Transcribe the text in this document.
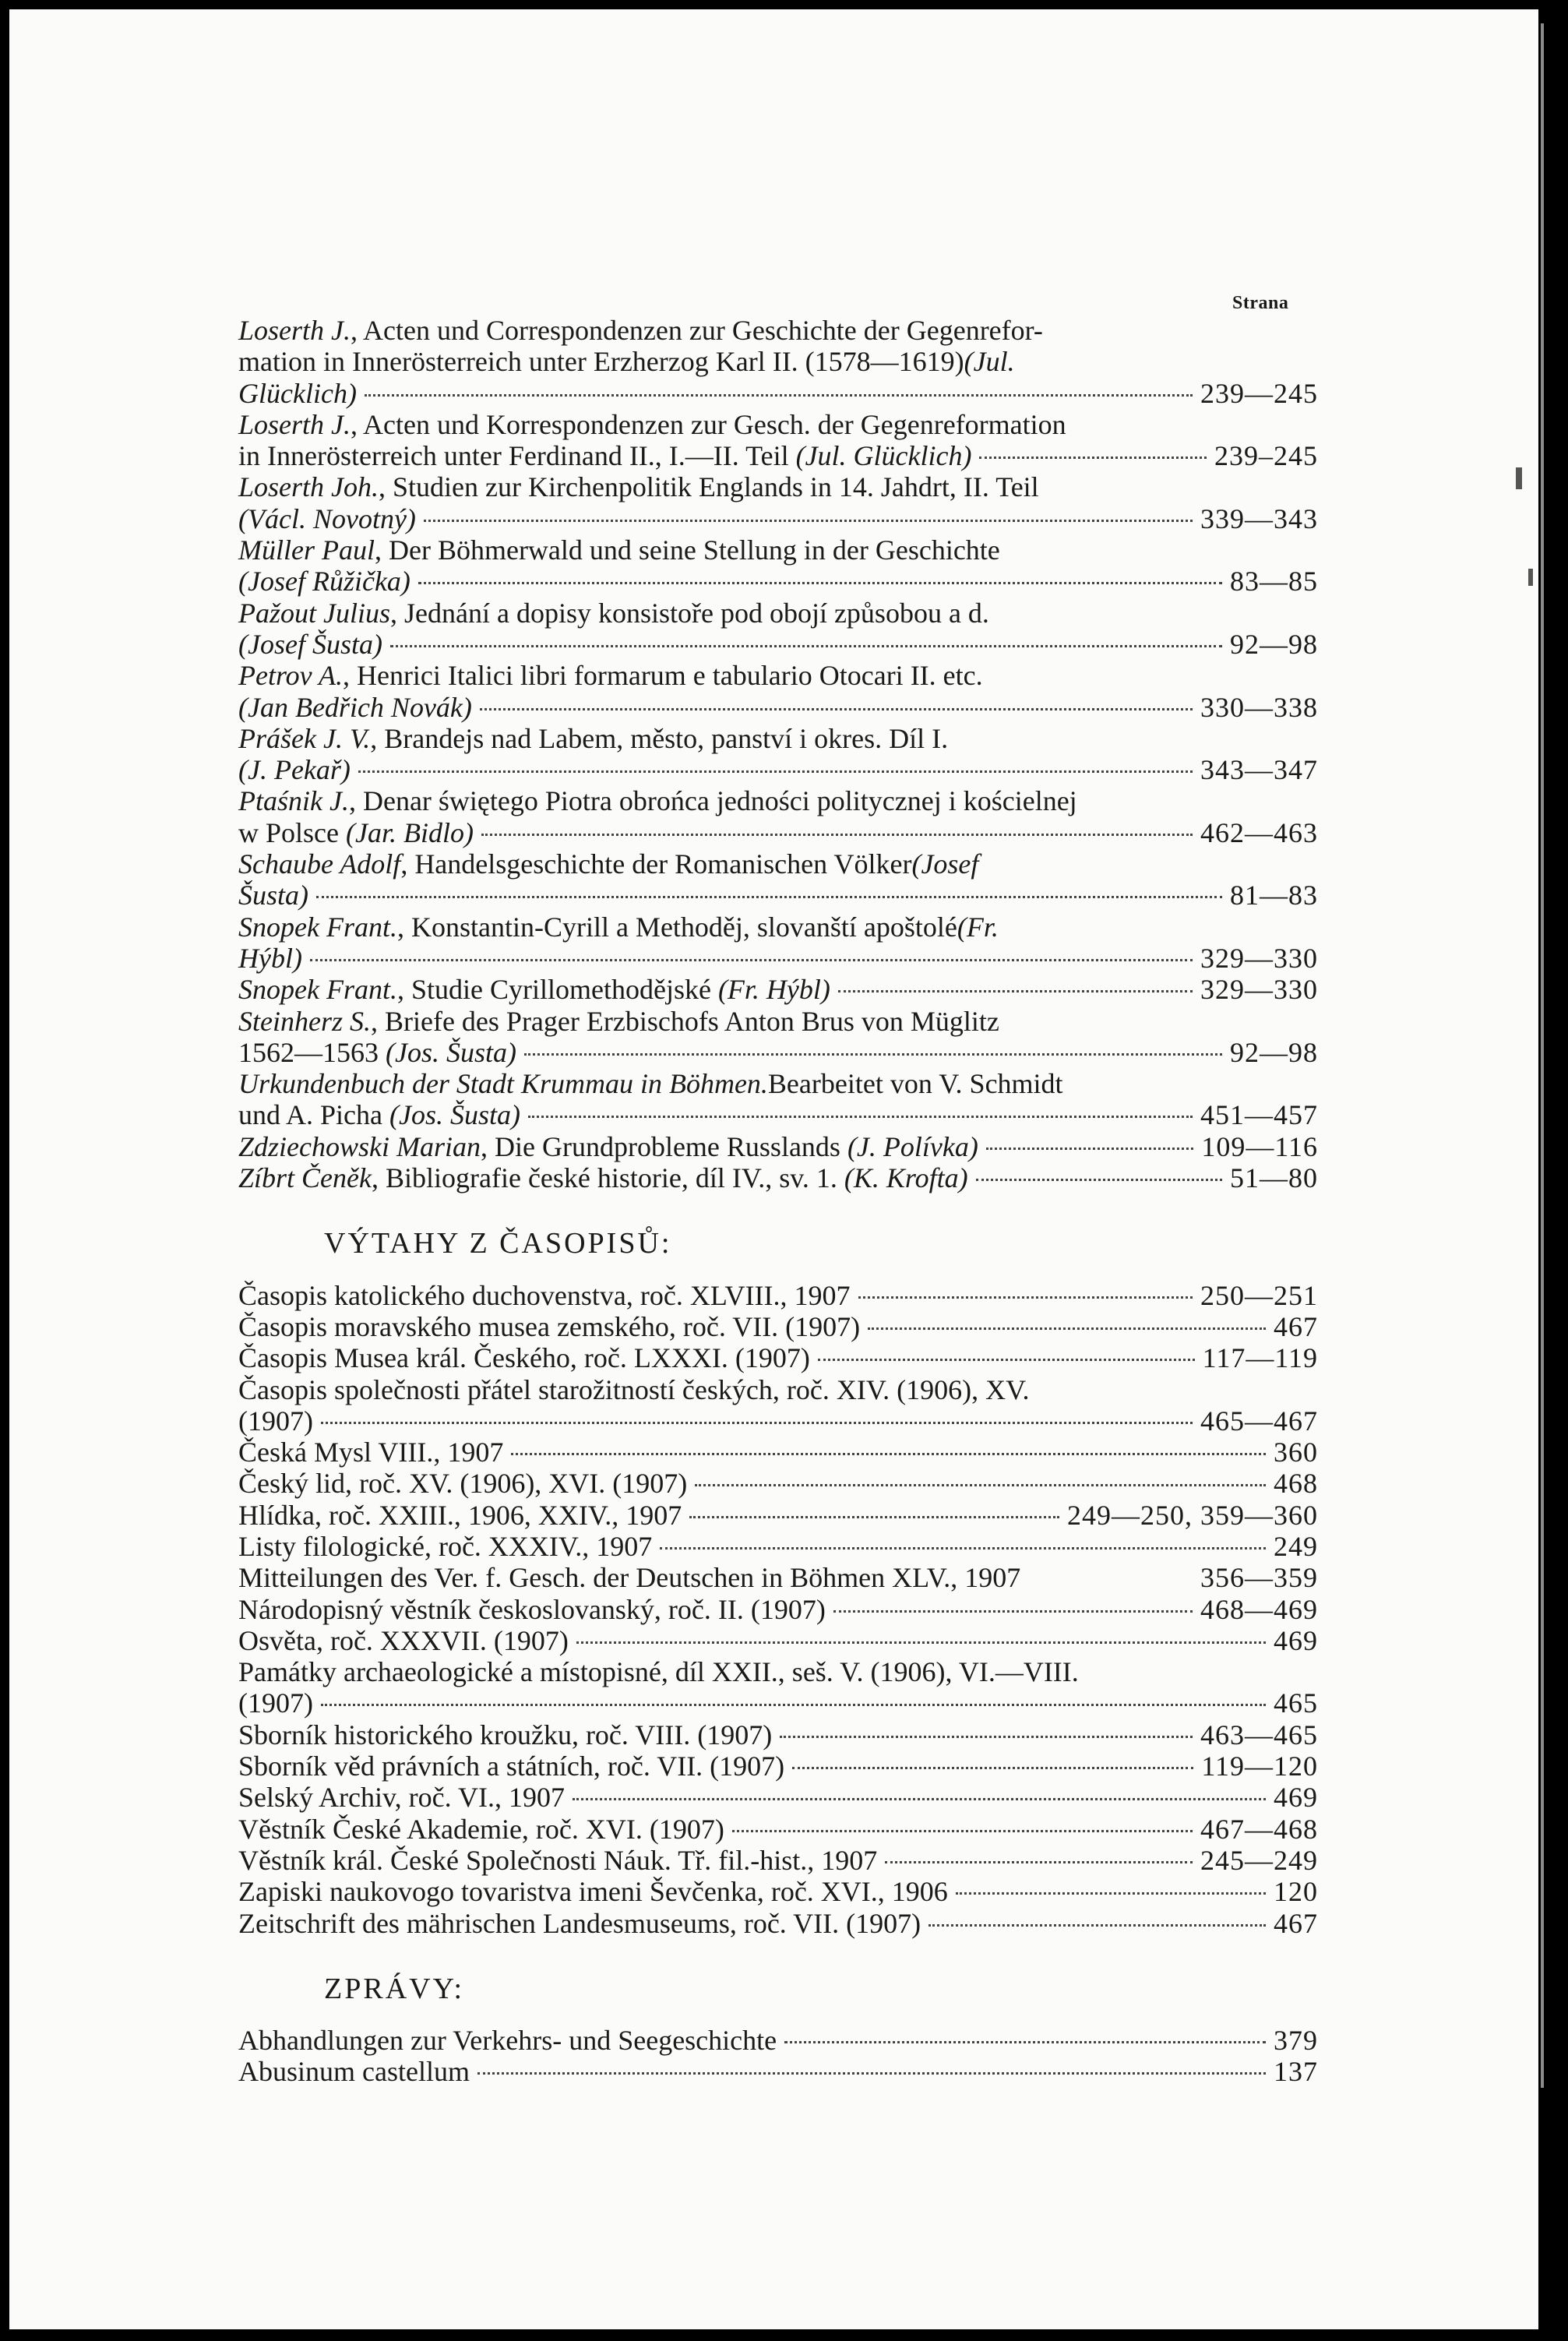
Strana
Loserth J. , Acten und Correspondenzen zur Geschichte der Gegenrefor-
mation in Innerösterreich unter Erzherzog Karl II. (1578—1619) (Jul.
Glücklich)	239—245
Loserth J. , Acten und Korrespondenzen zur Gesch. der Gegenreformation
in Innerösterreich unter Ferdinand II., I.—II. Teil (Jul. Glücklich)	239–245
Loserth Joh. , Studien zur Kirchenpolitik Englands in 14. Jahdrt, II. Teil
(Václ. Novotný)	339—343
Müller Paul , Der Böhmerwald und seine Stellung in der Geschichte
(Josef Růžička)	83—85
Pažout Julius , Jednání a dopisy konsistoře pod obojí způsobou a d.
(Josef Šusta)	92—98
Petrov A. , Henrici Italici libri formarum e tabulario Otocari II. etc.
(Jan Bedřich Novák)	330—338
Prášek J. V. , Brandejs nad Labem, město, panství i okres. Díl I.
(J. Pekař)	343—347
Ptaśnik J. , Denar świętego Piotra obrońca jedności politycznej i kościelnej
w Polsce (Jar. Bidlo)	462—463
Schaube Adolf , Handelsgeschichte der Romanischen Völker (Josef
Šusta)	81—83
Snopek Frant. , Konstantin-Cyrill a Methoděj, slovanští apoštolé (Fr.
Hýbl)	329—330
Snopek Frant., Studie Cyrillomethodějské (Fr. Hýbl)	329—330
Steinherz S. , Briefe des Prager Erzbischofs Anton Brus von Müglitz
1562—1563 (Jos. Šusta)	92—98
Urkundenbuch der Stadt Krummau in Böhmen. Bearbeitet von V. Schmidt
und A. Picha (Jos. Šusta)	451—457
Zdziechowski Marian, Die Grundprobleme Russlands (J. Polívka)	109—116
Zíbrt Čeněk, Bibliografie české historie, díl IV., sv. 1. (K. Krofta)	51—80
VÝTAHY Z ČASOPISŮ:
Časopis katolického duchovenstva, roč. XLVIII., 1907	250—251
Časopis moravského musea zemského, roč. VII. (1907)	467
Časopis Musea král. Českého, roč. LXXXI. (1907)	117—119
Časopis společnosti přátel starožitností českých, roč. XIV. (1906), XV.
(1907)	465—467
Česká Mysl VIII., 1907	360
Český lid, roč. XV. (1906), XVI. (1907)	468
Hlídka, roč. XXIII., 1906, XXIV., 1907	249—250, 359—360
Listy filologické, roč. XXXIV., 1907	249
Mitteilungen des Ver. f. Gesch. der Deutschen in Böhmen XLV., 1907	356—359
Národopisný věstník českoslovanský, roč. II. (1907)	468—469
Osvěta, roč. XXXVII. (1907)	469
Památky archaeologické a místopisné, díl XXII., seš. V. (1906), VI.—VIII.
(1907)	465
Sborník historického kroužku, roč. VIII. (1907)	463—465
Sborník věd právních a státních, roč. VII. (1907)	119—120
Selský Archiv, roč. VI., 1907	469
Věstník České Akademie, roč. XVI. (1907)	467—468
Věstník král. České Společnosti Náuk. Tř. fil.-hist., 1907	245—249
Zapiski naukovogo tovaristva imeni Ševčenka, roč. XVI., 1906	120
Zeitschrift des mährischen Landesmuseums, roč. VII. (1907)	467
ZPRÁVY:
Abhandlungen zur Verkehrs- und Seegeschichte	379
Abusinum castellum	137
